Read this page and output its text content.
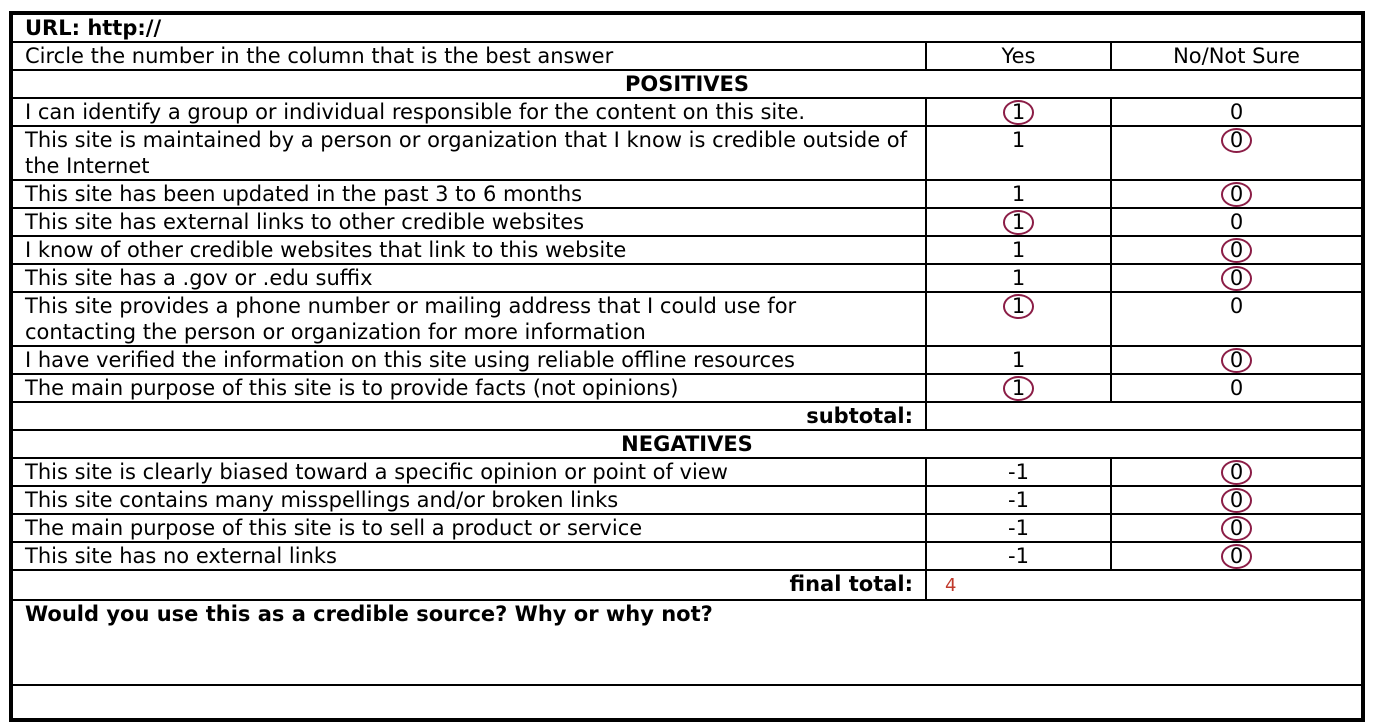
URL: http://		
Circle the number in the column that is the best answer	Yes	No/Not Sure
POSITIVES		
I can identify a group or individual responsible for the content on this site.	1	0
This site is maintained by a person or organization that I know is credible outside of the Internet	1	0
This site has been updated in the past 3 to 6 months	1	0
This site has external links to other credible websites	1	0
I know of other credible websites that link to this website	1	0
This site has a .gov or .edu suffix	1	0
This site provides a phone number or mailing address that I could use for contacting the person or organization for more information	1	0
I have verified the information on this site using reliable offline resources	1	0
The main purpose of this site is to provide facts (not opinions)	1	0
subtotal:		
NEGATIVES		
This site is clearly biased toward a specific opinion or point of view	-1	0
This site contains many misspellings and/or broken links	-1	0
The main purpose of this site is to sell a product or service	-1	0
This site has no external links	-1	0
final total:	4	
Would you use this as a credible source? Why or why not?		
